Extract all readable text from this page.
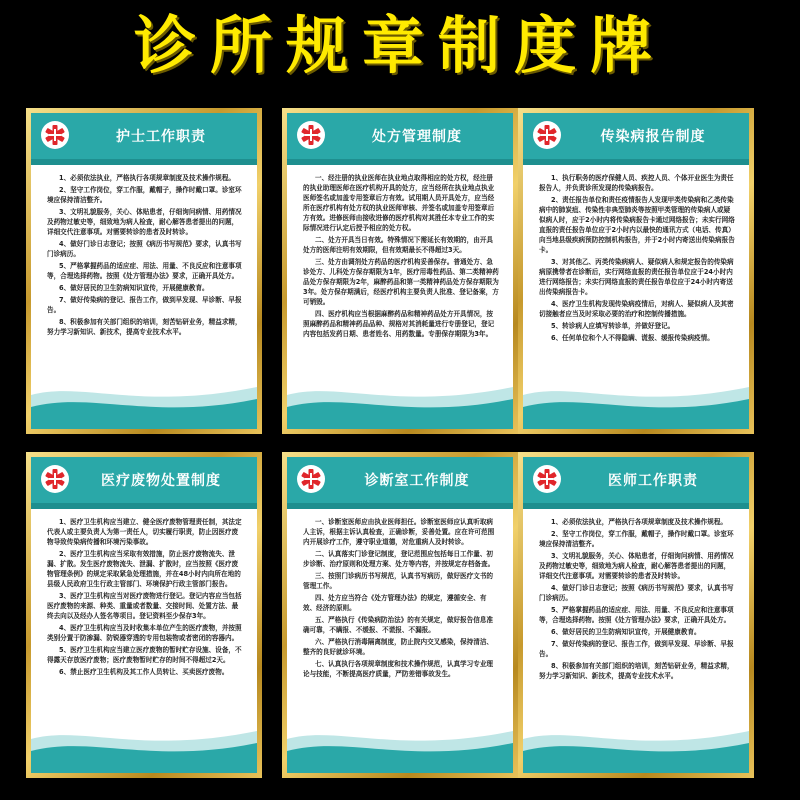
诊所规章制度牌
护士工作职责

1、必须依法执业，严格执行各项规章制度及技术操作规程。

2、坚守工作岗位，穿工作服，戴帽子，操作时戴口罩。诊室环境应保持清洁整齐。

3、文明礼貌服务，关心、体贴患者，仔细询问病情、用药情况及药物过敏史等，细致地为病人检查，耐心解答患者提出的问题，详细交代注意事项。对需要转诊的患者及时转诊。

4、做好门诊日志登记；按照《病历书写规范》要求，认真书写门诊病历。

5、严格掌握药品的适应症、用法、用量、不良反应和注意事项等，合理选择药物。按照《处方管理办法》要求，正确开具处方。

6、做好居民的卫生防病知识宣传，开展健康教育。

7、做好传染病的登记、报告工作，做到早发现、早诊断、早报告。

8、积极参加有关部门组织的培训，刻苦钻研业务，精益求精，努力学习新知识、新技术，提高专业技术水平。

处方管理制度

一、经注册的执业医师在执业地点取得相应的处方权，经注册的执业助理医师在医疗机构开具的处方，应当经所在执业地点执业医师签名或加盖专用签章后方有效。试用期人员开具处方，应当经所在医疗机构有处方权的执业医师审核、并签名或加盖专用签章后方有效。进修医师由接收进修的医疗机构对其胜任本专业工作的实际情况进行认定后授予相应的处方权。

二、处方开具当日有效。特殊情况下需延长有效期的，由开具处方的医师注明有效期限，但有效期最长不得超过3天。

三、处方由调剂处方药品的医疗机构妥善保存。普通处方、急诊处方、儿科处方保存期限为1年，医疗用毒性药品、第二类精神药品处方保存期限为2年，麻醉药品和第一类精神药品处方保存期限为3年。处方保存期满后，经医疗机构主要负责人批准、登记备案，方可销毁。

四、医疗机构应当根据麻醉药品和精神药品处方开具情况，按照麻醉药品和精神药品品种、规格对其消耗量进行专册登记，登记内容包括发药日期、患者姓名、用药数量。专册保存期限为3年。

传染病报告制度

1、执行职务的医疗保健人员、疾控人员、个体开业医生为责任报告人，并负责诊所发现的传染病报告。

2、责任报告单位和责任疫情报告人发现甲类传染病和乙类传染病中的肺炭疽、传染性非典型肺炎等按照甲类管理的传染病人或疑似病人时，应于2小时内将传染病报告卡通过网络报告；未实行网络直报的责任报告单位应于2小时内以最快的通讯方式（电话、传真）向当地县级疾病预防控制机构报告，并于2小时内寄送出传染病报告卡。

3、对其他乙、丙类传染病病人、疑似病人和规定报告的传染病病原携带者在诊断后，实行网络直报的责任报告单位应于24小时内进行网络报告；未实行网络直报的责任报告单位应于24小时内寄送出传染病报告卡。

4、医疗卫生机构发现传染病疫情后，对病人、疑似病人及其密切接触者应当及时采取必要的治疗和控制传播措施。

5、转诊病人应填写转诊单，并做好登记。

6、任何单位和个人不得隐瞒、谎报、缓报传染病疫情。

医疗废物处置制度

1、医疗卫生机构应当建立、健全医疗废物管理责任制，其法定代表人或主要负责人为第一责任人，切实履行职责，防止因医疗废物导致传染病传播和环境污染事故。

2、医疗卫生机构应当采取有效措施，防止医疗废物流失、泄漏、扩散。发生医疗废物流失、泄漏、扩散时，应当按照《医疗废物管理条例》的规定采取紧急处理措施，并在48小时内向所在地的县级人民政府卫生行政主管部门、环境保护行政主管部门报告。

3、医疗卫生机构应当对医疗废物进行登记。登记内容应当包括医疗废物的来源、种类、重量或者数量、交接时间、处置方法、最终去向以及经办人签名等项目。登记资料至少保存3年。

4、医疗卫生机构应当及时收集本单位产生的医疗废物，并按照类别分置于防渗漏、防锐器穿透的专用包装物或者密闭的容器内。

5、医疗卫生机构应当建立医疗废物的暂时贮存设施、设备，不得露天存放医疗废物；医疗废物暂时贮存的时间不得超过2天。

6、禁止医疗卫生机构及其工作人员转让、买卖医疗废物。

诊断室工作制度

一、诊断室医师应由执业医师担任。诊断室医师应认真听取病人主诉，根据主诉认真检查，正确诊断，妥善处置。应在许可范围内开展诊疗工作，遵守职业道德，对危重病人及时转诊。

二、认真落实门诊登记制度，登记范围应包括每日工作量、初步诊断、治疗原则和处理方案、处方等内容，并按规定存档备查。

三、按照门诊病历书写规范，认真书写病历，做好医疗文书的管理工作。

四、处方应当符合《处方管理办法》的规定，遵循安全、有效、经济的原则。

五、严格执行《传染病防治法》的有关规定，做好报告信息准确可靠，不瞒报、不缓报、不谎报、不漏报。

六、严格执行消毒隔离制度，防止院内交叉感染，保持清洁、整齐的良好就诊环境。

七、认真执行各项规章制度和技术操作规范，认真学习专业理论与技能，不断提高医疗质量，严防差错事故发生。

医师工作职责

1、必须依法执业，严格执行各项规章制度及技术操作规程。

2、坚守工作岗位，穿工作服，戴帽子，操作时戴口罩。诊室环境应保持清洁整齐。

3、文明礼貌服务，关心、体贴患者，仔细询问病情、用药情况及药物过敏史等，细致地为病人检查，耐心解答患者提出的问题，详细交代注意事项。对需要转诊的患者及时转诊。

4、做好门诊日志登记；按照《病历书写规范》要求，认真书写门诊病历。

5、严格掌握药品的适应症、用法、用量、不良反应和注意事项等，合理选择药物。按照《处方管理办法》要求，正确开具处方。

6、做好居民的卫生防病知识宣传，开展健康教育。

7、做好传染病的登记、报告工作，做到早发现、早诊断、早报告。

8、积极参加有关部门组织的培训，刻苦钻研业务，精益求精，努力学习新知识、新技术，提高专业技术水平。
